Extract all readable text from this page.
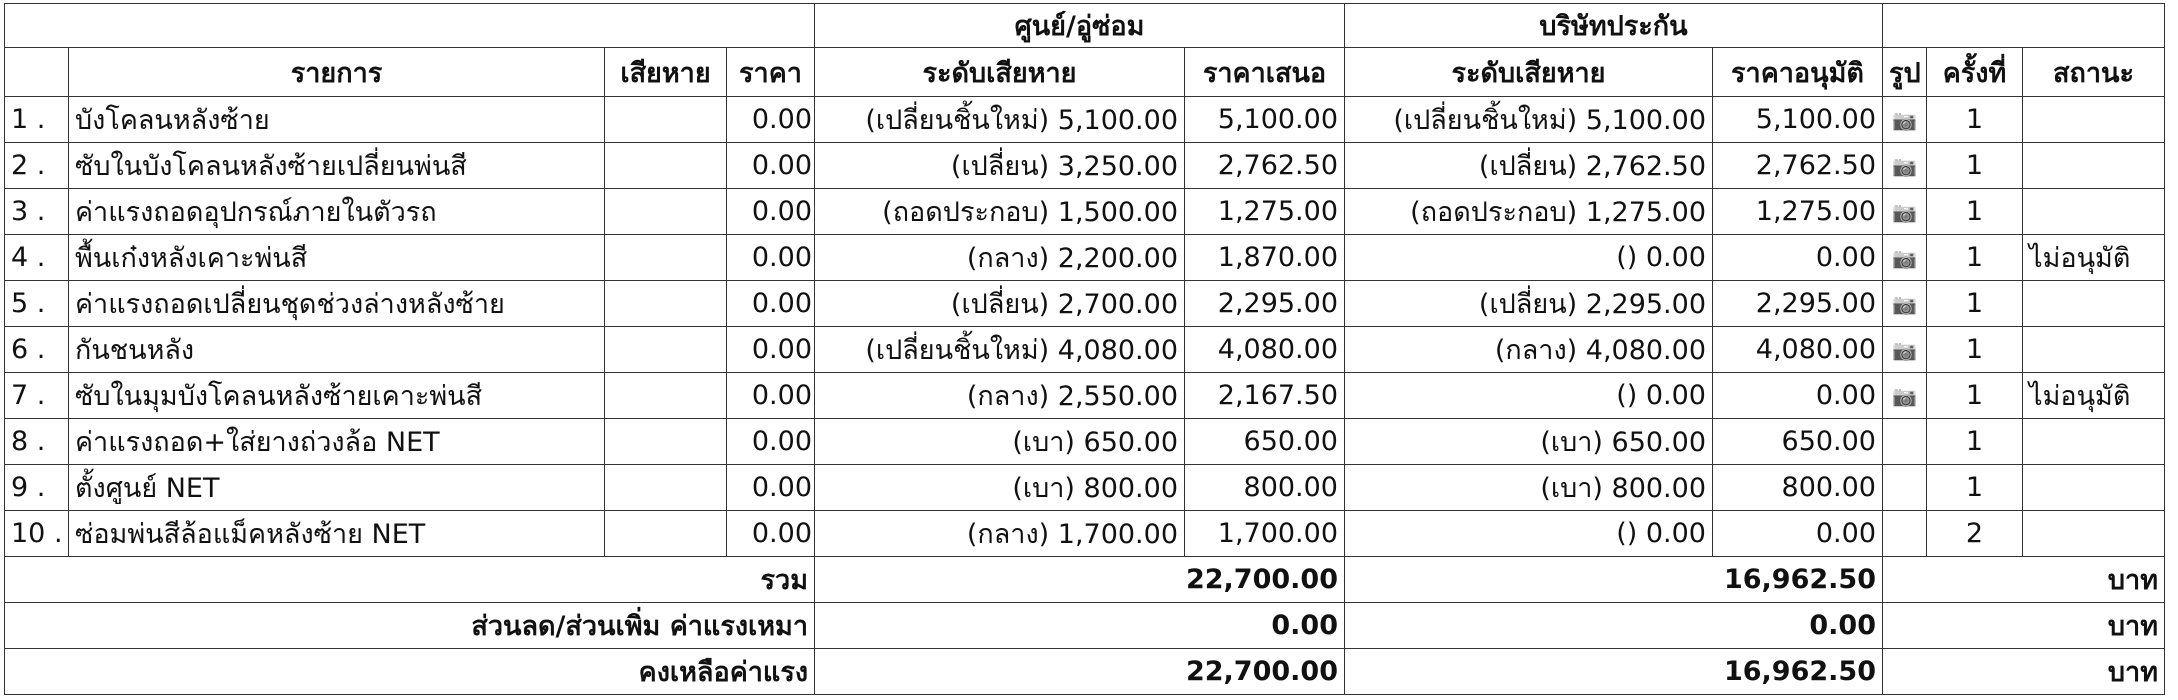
				ศูนย์/อู่ซ่อม		บริษัทประกัน				
	รายการ	เสียหาย	ราคา	ระดับเสียหาย	ราคาเสนอ	ระดับเสียหาย	ราคาอนุมัติ	รูป	ครั้งที่	สถานะ
1 .	บังโคลนหลังซ้าย		0.00	(เปลี่ยนชิ้นใหม่) 5,100.00	5,100.00	(เปลี่ยนชิ้นใหม่) 5,100.00	5,100.00	📷	1	
2 .	ซับในบังโคลนหลังซ้ายเปลี่ยนพ่นสี		0.00	(เปลี่ยน) 3,250.00	2,762.50	(เปลี่ยน) 2,762.50	2,762.50	📷	1	
3 .	ค่าแรงถอดอุปกรณ์ภายในตัวรถ		0.00	(ถอดประกอบ) 1,500.00	1,275.00	(ถอดประกอบ) 1,275.00	1,275.00	📷	1	
4 .	พื้นเก๋งหลังเคาะพ่นสี		0.00	(กลาง) 2,200.00	1,870.00	() 0.00	0.00	📷	1	ไม่อนุมัติ
5 .	ค่าแรงถอดเปลี่ยนชุดช่วงล่างหลังซ้าย		0.00	(เปลี่ยน) 2,700.00	2,295.00	(เปลี่ยน) 2,295.00	2,295.00	📷	1	
6 .	กันชนหลัง		0.00	(เปลี่ยนชิ้นใหม่) 4,080.00	4,080.00	(กลาง) 4,080.00	4,080.00	📷	1	
7 .	ซับในมุมบังโคลนหลังซ้ายเคาะพ่นสี		0.00	(กลาง) 2,550.00	2,167.50	() 0.00	0.00	📷	1	ไม่อนุมัติ
8 .	ค่าแรงถอด+ใส่ยางถ่วงล้อ NET		0.00	(เบา) 650.00	650.00	(เบา) 650.00	650.00		1	
9 .	ตั้งศูนย์ NET		0.00	(เบา) 800.00	800.00	(เบา) 800.00	800.00		1	
10 .	ซ่อมพ่นสีล้อแม็คหลังซ้าย NET		0.00	(กลาง) 1,700.00	1,700.00	() 0.00	0.00		2	
รวม				22,700.00		16,962.50		บาท		
ส่วนลด/ส่วนเพิ่ม ค่าแรงเหมา				0.00		0.00		บาท		
คงเหลือค่าแรง				22,700.00		16,962.50		บาท		
